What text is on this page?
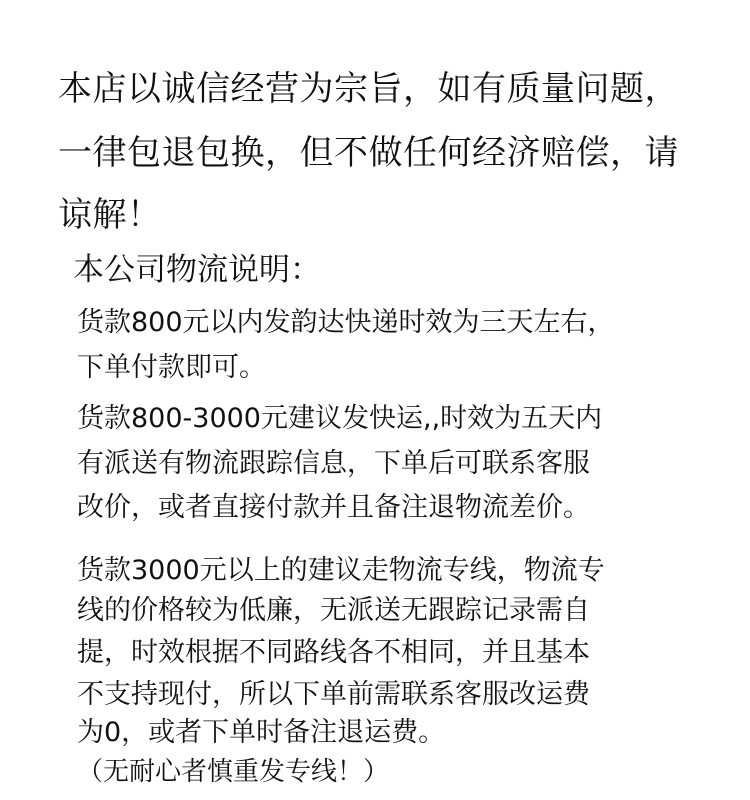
本店以诚信经营为宗旨，如有质量问题，
一律包退包换，但不做任何经济赔偿，请
谅解！
本公司物流说明：
货款800元以内发韵达快递时效为三天左右，
下单付款即可。
货款800-3000元建议发快运,,时效为五天内
有派送有物流跟踪信息，下单后可联系客服
改价，或者直接付款并且备注退物流差价。
货款3000元以上的建议走物流专线，物流专
线的价格较为低廉，无派送无跟踪记录需自
提，时效根据不同路线各不相同，并且基本
不支持现付，所以下单前需联系客服改运费
为0，或者下单时备注退运费。
（无耐心者慎重发专线！）
